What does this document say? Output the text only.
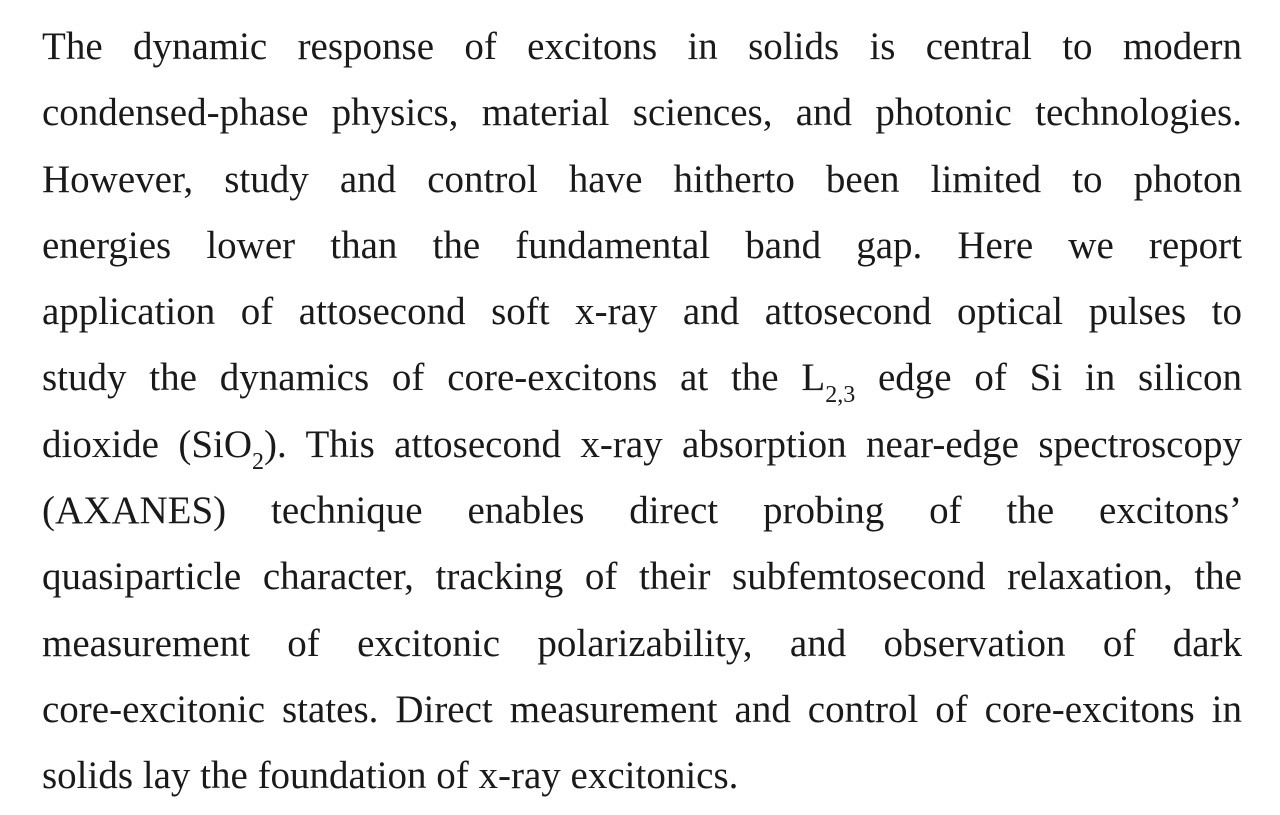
The dynamic response of excitons in solids is central to modern
condensed-phase physics, material sciences, and photonic technologies.
However, study and control have hitherto been limited to photon
energies lower than the fundamental band gap. Here we report
application of attosecond soft x-ray and attosecond optical pulses to
study the dynamics of core-excitons at the $L_{2,3}$ edge of Si in silicon
dioxide (SiO$_2$). This attosecond x-ray absorption near-edge spectroscopy
(AXANES) technique enables direct probing of the excitons’
quasiparticle character, tracking of their subfemtosecond relaxation, the
measurement of excitonic polarizability, and observation of dark
core-excitonic states. Direct measurement and control of core-excitons in
solids lay the foundation of x-ray excitonics.
